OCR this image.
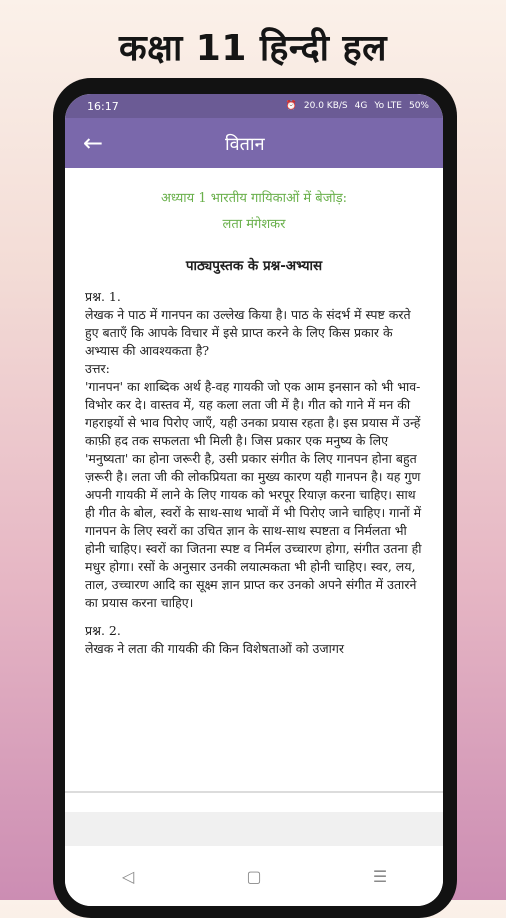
कक्षा 11 हिन्दी हल
16:17	⏰ 20.0 KB/S 4G Yo LTE 50%
←	वितान
अध्याय 1 भारतीय गायिकाओं में बेजोड़:
लता मंगेशकर
पाठ्यपुस्तक के प्रश्न-अभ्यास

प्रश्न. 1.

लेखक ने पाठ में गानपन का उल्लेख किया है। पाठ के संदर्भ में स्पष्ट करते हुए बताएँ कि आपके विचार में इसे प्राप्त करने के लिए किस प्रकार के अभ्यास की आवश्यकता है?

उत्तर:

'गानपन' का शाब्दिक अर्थ है-वह गायकी जो एक आम इनसान को भी भाव-विभोर कर दे। वास्तव में, यह कला लता जी में है। गीत को गाने में मन की गहराइयों से भाव पिरोए जाएँ, यही उनका प्रयास रहता है। इस प्रयास में उन्हें काफ़ी हद तक सफलता भी मिली है। जिस प्रकार एक मनुष्य के लिए 'मनुष्यता' का होना जरूरी है, उसी प्रकार संगीत के लिए गानपन होना बहुत ज़रूरी है। लता जी की लोकप्रियता का मुख्य कारण यही गानपन है। यह गुण अपनी गायकी में लाने के लिए गायक को भरपूर रियाज़ करना चाहिए। साथ ही गीत के बोल, स्वरों के साथ-साथ भावों में भी पिरोए जाने चाहिए। गानों में गानपन के लिए स्वरों का उचित ज्ञान के साथ-साथ स्पष्टता व निर्मलता भी होनी चाहिए। स्वरों का जितना स्पष्ट व निर्मल उच्चारण होगा, संगीत उतना ही मधुर होगा। रसों के अनुसार उनकी लयात्मकता भी होनी चाहिए। स्वर, लय, ताल, उच्चारण आदि का सूक्ष्म ज्ञान प्राप्त कर उनको अपने संगीत में उतारने का प्रयास करना चाहिए।

प्रश्न. 2.

लेखक ने लता की गायकी की किन विशेषताओं को उजागर

◁	▢	☰
